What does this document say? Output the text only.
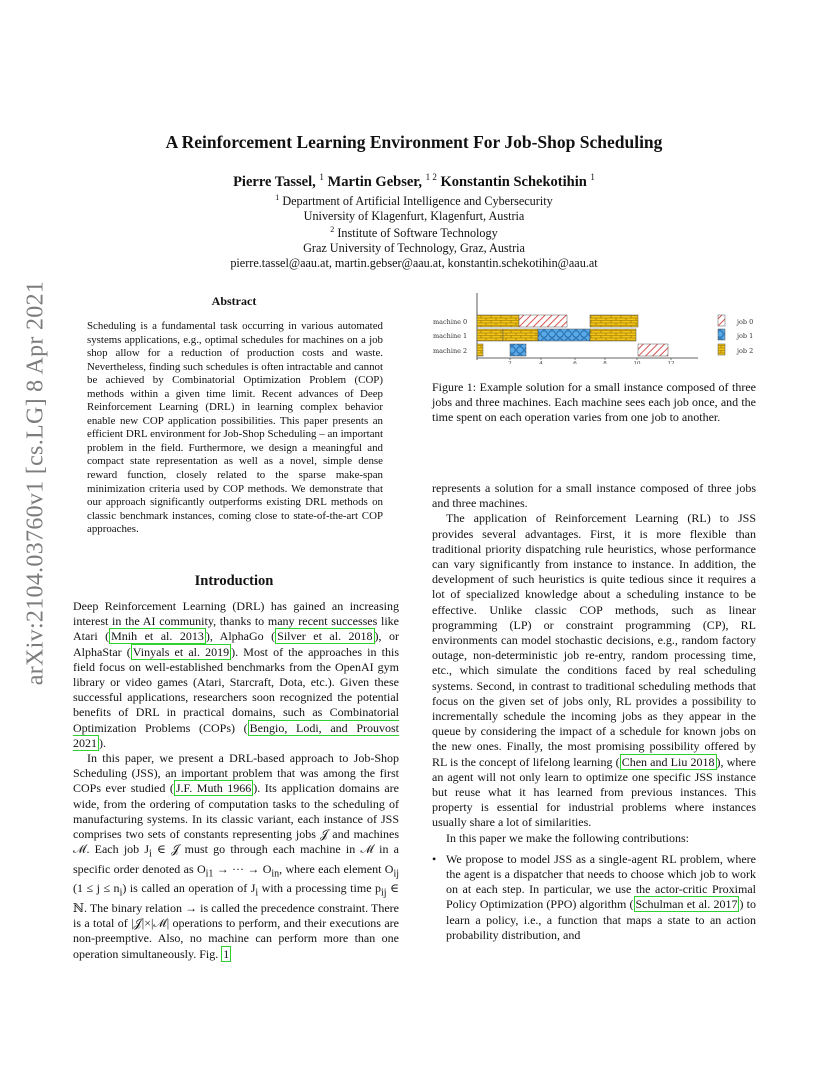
A Reinforcement Learning Environment For Job-Shop Scheduling
Pierre Tassel, $^1$ Martin Gebser, $^{1 2}$ Konstantin Schekotihin $^1$
$^1$ Department of Artificial Intelligence and Cybersecurity
University of Klagenfurt, Klagenfurt, Austria
$^2$ Institute of Software Technology
Graz University of Technology, Graz, Austria
pierre.tassel@aau.at, martin.gebser@aau.at, konstantin.schekotihin@aau.at
arXiv:2104.03760v1 [cs.LG] 8 Apr 2021	Abstract
Scheduling is a fundamental task occurring in various automated systems applications, e.g., optimal schedules for machines on a job shop allow for a reduction of production costs and waste. Nevertheless, finding such schedules is often intractable and cannot be achieved by Combinatorial Optimization Problem (COP) methods within a given time limit. Recent advances of Deep Reinforcement Learning (DRL) in learning complex behavior enable new COP application possibilities. This paper presents an efficient DRL environment for Job-Shop Scheduling – an important problem in the field. Furthermore, we design a meaningful and compact state representation as well as a novel, simple dense reward function, closely related to the sparse make-span minimization criteria used by COP methods. We demonstrate that our approach significantly outperforms existing DRL methods on classic benchmark instances, coming close to state-of-the-art COP approaches.
Introduction

Deep Reinforcement Learning (DRL) has gained an increasing interest in the AI community, thanks to many recent successes like Atari ( Mnih et al. 2013 ), AlphaGo ( Silver et al. 2018 ), or AlphaStar ( Vinyals et al. 2019 ). Most of the approaches in this field focus on well-established benchmarks from the OpenAI gym library or video games (Atari, Starcraft, Dota, etc.). Given these successful applications, researchers soon recognized the potential benefits of DRL in practical domains, such as Combinatorial Optimization Problems (COPs) ( Bengio, Lodi, and Prouvost 2021 ).

In this paper, we present a DRL-based approach to Job-Shop Scheduling (JSS), an important problem that was among the first COPs ever studied ( J.F. Muth 1966 ). Its application domains are wide, from the ordering of computation tasks to the scheduling of manufacturing systems. In its classic variant, each instance of JSS comprises two sets of constants representing jobs 𝒥 and machines ℳ. Each job $J_i$ ∈ 𝒥 must go through each machine in ℳ in a specific order denoted as $O_{i1}$ → ··· → $O_{in}$, where each element $O_{ij}$ $(1 \le j \le n_i)$ is called an operation of $J_i$ with a processing time $p_{ij}$ ∈ ℕ. The binary relation → is called the precedence constraint. There is a total of |𝒥|×|ℳ| operations to perform, and their executions are non-preemptive. Also, no machine can perform more than one operation simultaneously. Fig. 1

machine 0
machine 1
machine 2
2	4	6	8	10	12
job 0
job 1
job 2
Figure 1: Example solution for a small instance composed of three jobs and three machines. Each machine sees each job once, and the time spent on each operation varies from one job to another.

represents a solution for a small instance composed of three jobs and three machines.

The application of Reinforcement Learning (RL) to JSS provides several advantages. First, it is more flexible than traditional priority dispatching rule heuristics, whose performance can vary significantly from instance to instance. In addition, the development of such heuristics is quite tedious since it requires a lot of specialized knowledge about a scheduling instance to be effective. Unlike classic COP methods, such as linear programming (LP) or constraint programming (CP), RL environments can model stochastic decisions, e.g., random factory outage, non-deterministic job re-entry, random processing time, etc., which simulate the conditions faced by real scheduling systems. Second, in contrast to traditional scheduling methods that focus on the given set of jobs only, RL provides a possibility to incrementally schedule the incoming jobs as they appear in the queue by considering the impact of a schedule for known jobs on the new ones. Finally, the most promising possibility offered by RL is the concept of lifelong learning ( Chen and Liu 2018 ), where an agent will not only learn to optimize one specific JSS instance but reuse what it has learned from previous instances. This property is essential for industrial problems where instances usually share a lot of similarities.

In this paper we make the following contributions:

• We propose to model JSS as a single-agent RL problem, where the agent is a dispatcher that needs to choose which job to work on at each step. In particular, we use the actor-critic Proximal Policy Optimization (PPO) algorithm ( Schulman et al. 2017 ) to learn a policy, i.e., a function that maps a state to an action probability distribution, and
